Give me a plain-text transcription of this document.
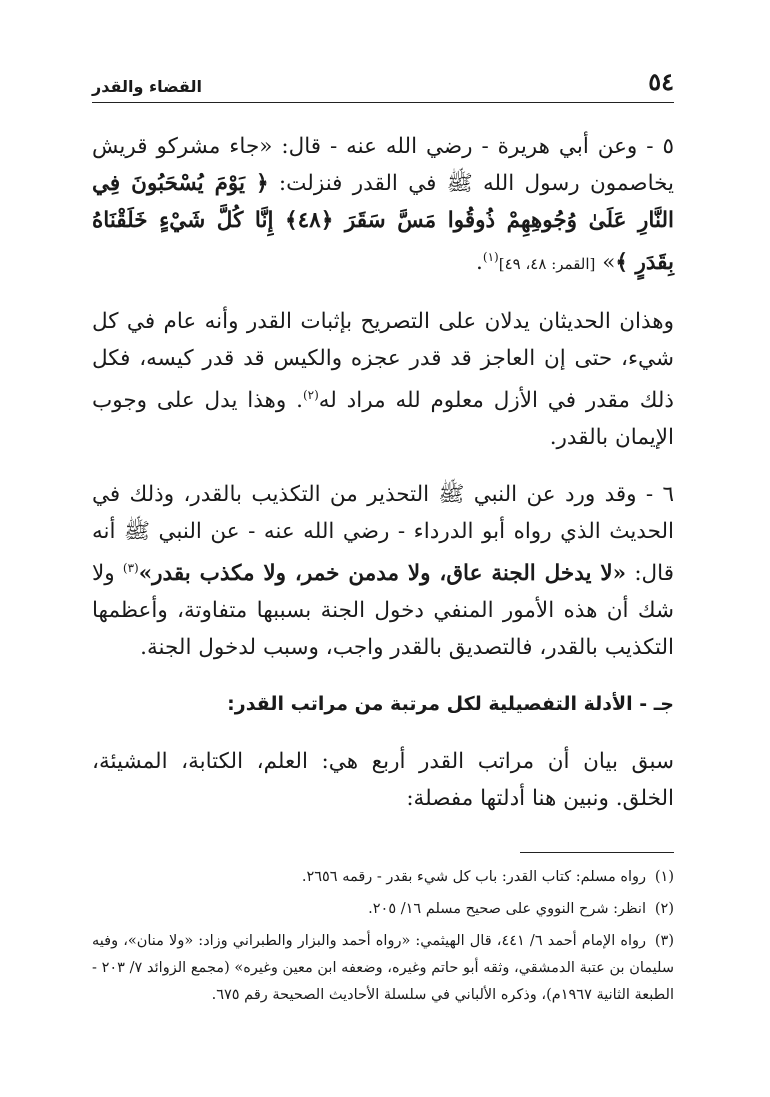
٥٤
القضاء والقدر

٥ - وعن أبي هريرة - رضي الله عنه - قال: «جاء مشركو قريش يخاصمون رسول الله ﷺ في القدر فنزلت: ﴿ يَوْمَ يُسْحَبُونَ فِي النَّارِ عَلَىٰ وُجُوهِهِمْ ذُوقُوا مَسَّ سَقَرَ ﴿٤٨﴾ إِنَّا كُلَّ شَيْءٍ خَلَقْنَاهُ بِقَدَرٍ ﴾» [القمر: ٤٨، ٤٩]$^{(١)}$.

وهذان الحديثان يدلان على التصريح بإثبات القدر وأنه عام في كل شيء، حتى إن العاجز قد قدر عجزه والكيس قد قدر كيسه، فكل ذلك مقدر في الأزل معلوم لله مراد له$^{(٢)}$. وهذا يدل على وجوب الإيمان بالقدر.

٦ - وقد ورد عن النبي ﷺ التحذير من التكذيب بالقدر، وذلك في الحديث الذي رواه أبو الدرداء - رضي الله عنه - عن النبي ﷺ أنه قال: «لا يدخل الجنة عاق، ولا مدمن خمر، ولا مكذب بقدر»$^{(٣)}$ ولا شك أن هذه الأمور المنفي دخول الجنة بسببها متفاوتة، وأعظمها التكذيب بالقدر، فالتصديق بالقدر واجب، وسبب لدخول الجنة.

جـ - الأدلة التفصيلية لكل مرتبة من مراتب القدر:

سبق بيان أن مراتب القدر أربع هي: العلم، الكتابة، المشيئة، الخلق. ونبين هنا أدلتها مفصلة:

(١)رواه مسلم: كتاب القدر: باب كل شيء بقدر - رقمه ٢٦٥٦.
(٢)انظر: شرح النووي على صحيح مسلم ١٦/ ٢٠٥.
(٣)رواه الإمام أحمد ٦/ ٤٤١، قال الهيثمي: «رواه أحمد والبزار والطبراني وزاد: «ولا منان»، وفيه سليمان بن عتبة الدمشقي، وثقه أبو حاتم وغيره، وضعفه ابن معين وغيره» (مجمع الزوائد ٧/ ٢٠٣ - الطبعة الثانية ١٩٦٧م)، وذكره الألباني في سلسلة الأحاديث الصحيحة رقم ٦٧٥.
